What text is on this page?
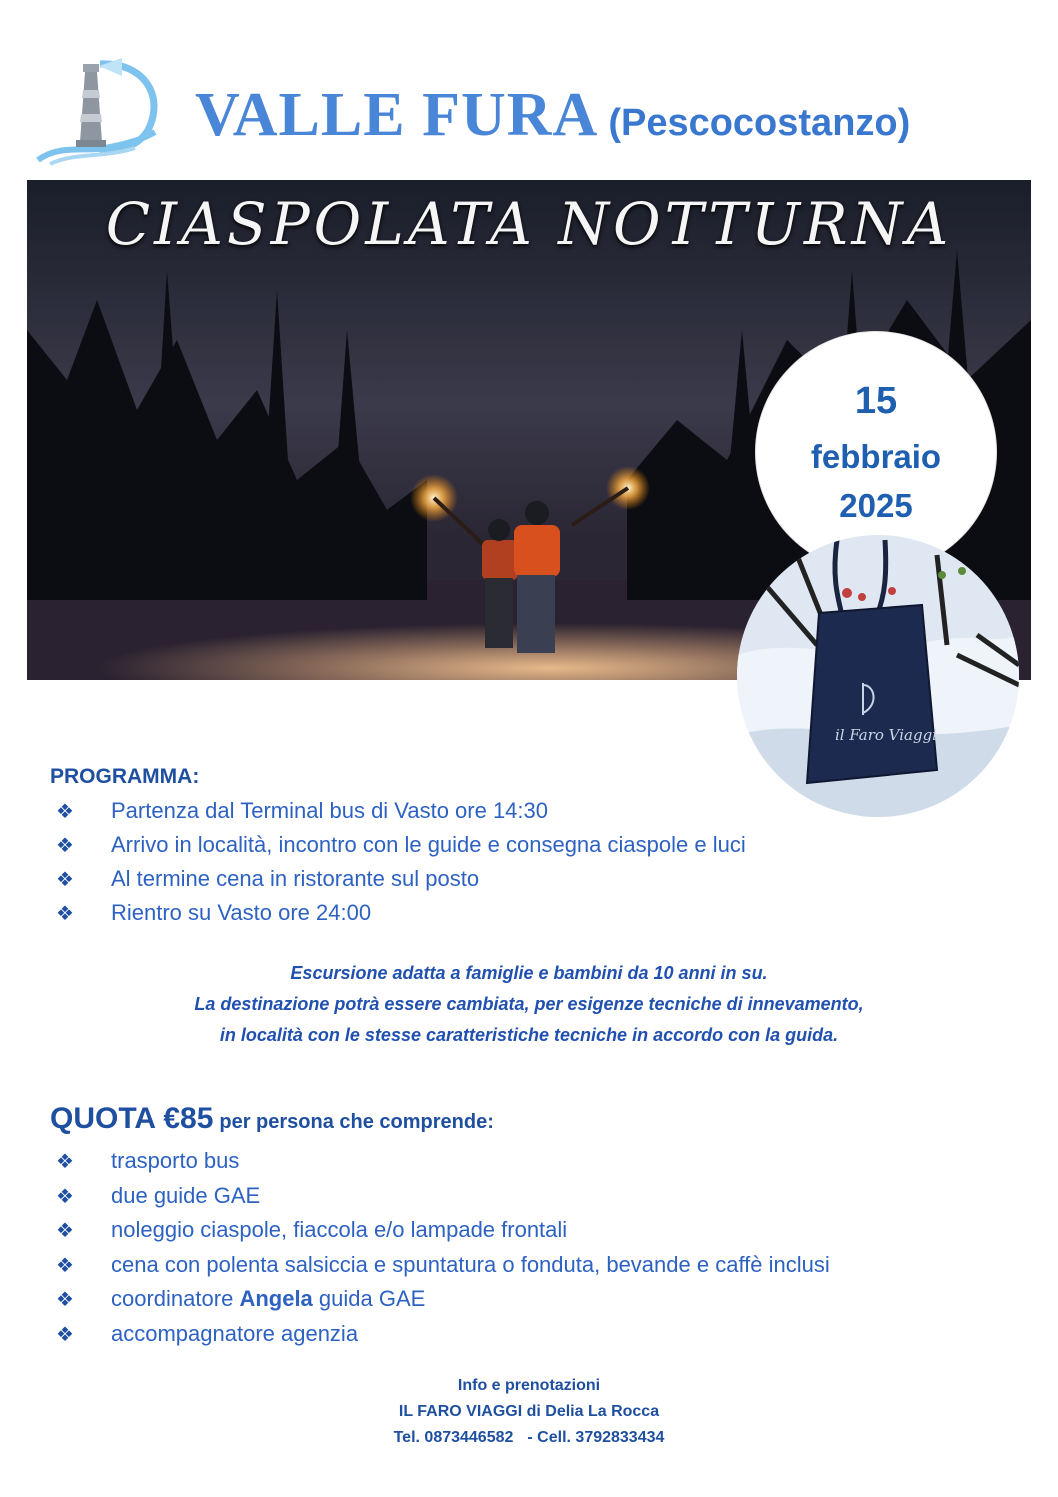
VALLE FURA (Pescocostanzo)
CIASPOLATA NOTTURNA
15
febbraio
2025
il Faro Viaggi
PROGRAMMA:
❖ Partenza dal Terminal bus di Vasto ore 14:30
❖ Arrivo in località, incontro con le guide e consegna ciaspole e luci
❖ Al termine cena in ristorante sul posto
❖ Rientro su Vasto ore 24:00
Escursione adatta a famiglie e bambini da 10 anni in su.
La destinazione potrà essere cambiata, per esigenze tecniche di innevamento,
in località con le stesse caratteristiche tecniche in accordo con la guida.
QUOTA €85 per persona che comprende:
❖ trasporto bus
❖ due guide GAE
❖ noleggio ciaspole, fiaccola e/o lampade frontali
❖ cena con polenta salsiccia e spuntatura o fonduta, bevande e caffè inclusi
❖ coordinatore Angela guida GAE
❖ accompagnatore agenzia
Info e prenotazioni
IL FARO VIAGGI di Delia La Rocca
Tel. 0873446582 - Cell. 3792833434
